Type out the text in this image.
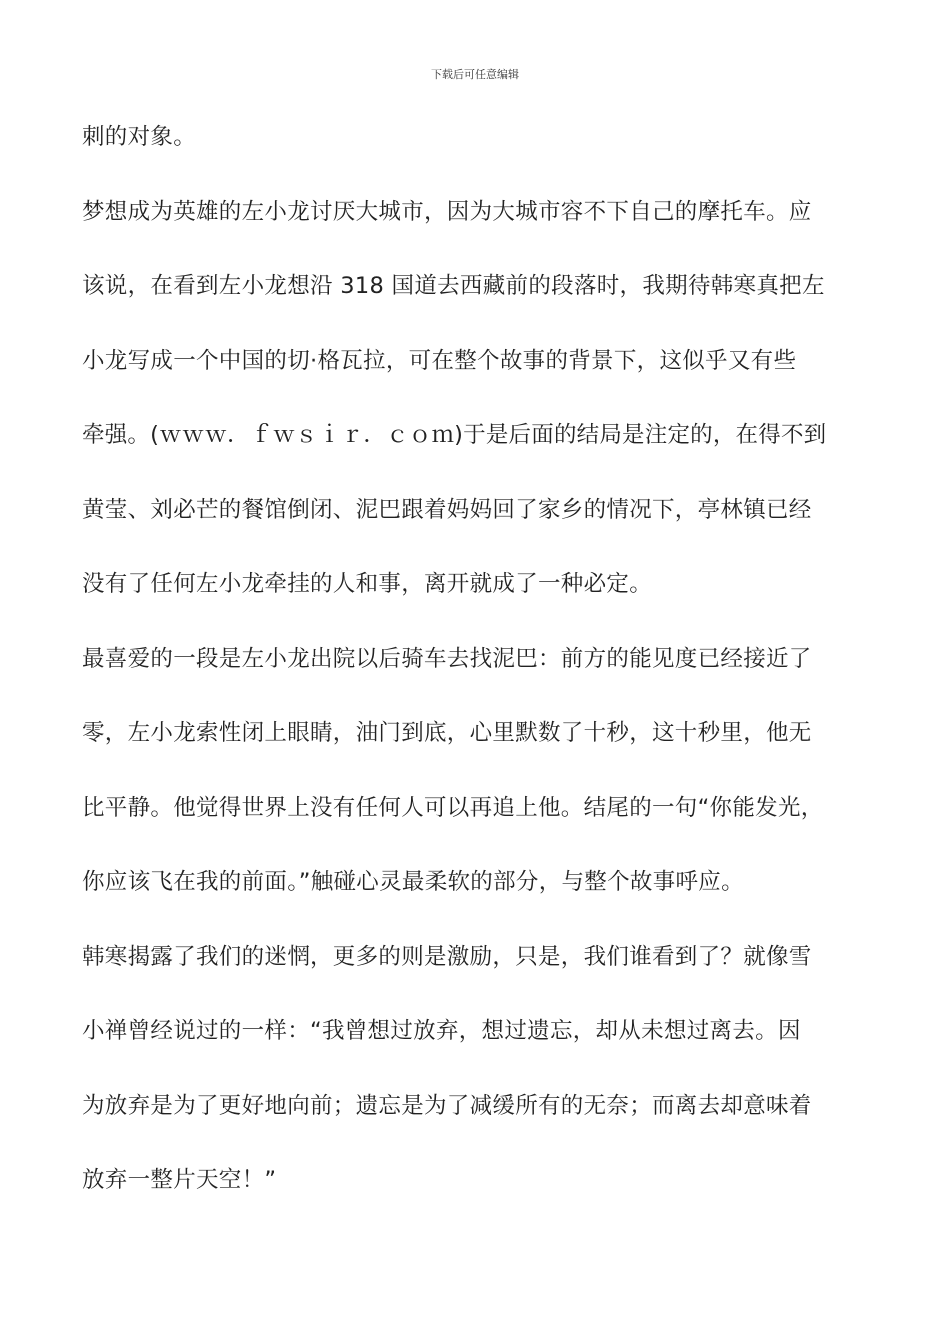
下载后可任意编辑
刺的对象。
梦想成为英雄的左小龙讨厌大城市，因为大城市容不下自己的摩托车。应
该说，在看到左小龙想沿 318 国道去西藏前的段落时，我期待韩寒真把左
小龙写成一个中国的切·格瓦拉，可在整个故事的背景下，这似乎又有些
牵强。(ｗｗｗ．ｆｗｓｉｒ．ｃｏｍ)于是后面的结局是注定的，在得不到
黄莹、刘必芒的餐馆倒闭、泥巴跟着妈妈回了家乡的情况下，亭林镇已经
没有了任何左小龙牵挂的人和事，离开就成了一种必定。
最喜爱的一段是左小龙出院以后骑车去找泥巴：前方的能见度已经接近了
零，左小龙索性闭上眼睛，油门到底，心里默数了十秒，这十秒里，他无
比平静。他觉得世界上没有任何人可以再追上他。结尾的一句“你能发光，
你应该飞在我的前面。”触碰心灵最柔软的部分，与整个故事呼应。
韩寒揭露了我们的迷惘，更多的则是激励，只是，我们谁看到了？就像雪
小禅曾经说过的一样：“我曾想过放弃，想过遗忘，却从未想过离去。因
为放弃是为了更好地向前；遗忘是为了减缓所有的无奈；而离去却意味着
放弃一整片天空！”
